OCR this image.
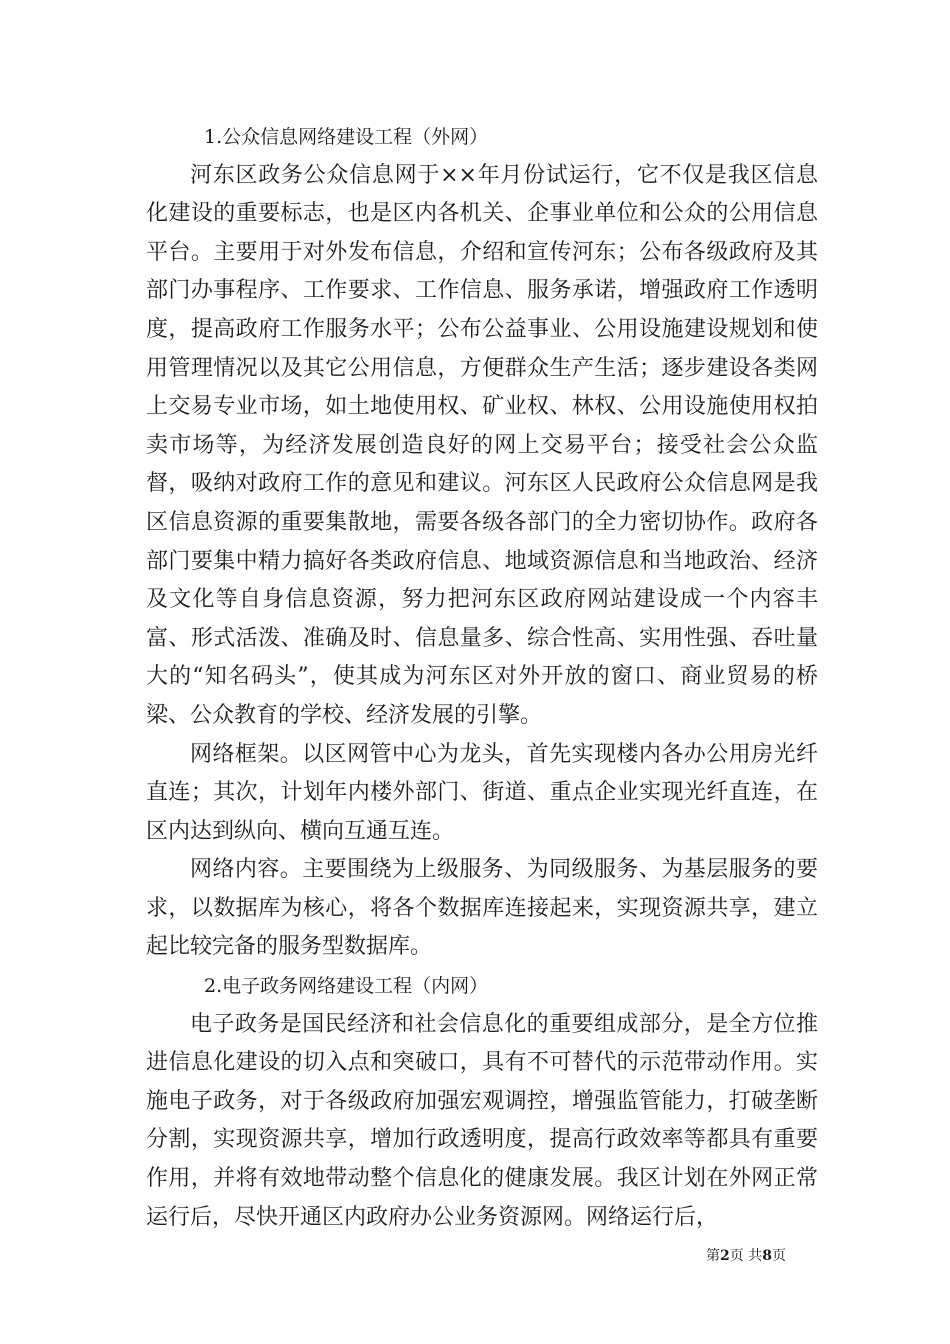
1.公众信息网络建设工程（外网）

河东区政务公众信息网于××年月份试运行，它不仅是我区信息化建设的重要标志，也是区内各机关、企事业单位和公众的公用信息平台。主要用于对外发布信息，介绍和宣传河东；公布各级政府及其部门办事程序、工作要求、工作信息、服务承诺，增强政府工作透明度，提高政府工作服务水平；公布公益事业、公用设施建设规划和使用管理情况以及其它公用信息，方便群众生产生活；逐步建设各类网上交易专业市场，如土地使用权、矿业权、林权、公用设施使用权拍卖市场等，为经济发展创造良好的网上交易平台；接受社会公众监督，吸纳对政府工作的意见和建议。河东区人民政府公众信息网是我区信息资源的重要集散地，需要各级各部门的全力密切协作。政府各部门要集中精力搞好各类政府信息、地域资源信息和当地政治、经济及文化等自身信息资源，努力把河东区政府网站建设成一个内容丰富、形式活泼、准确及时、信息量多、综合性高、实用性强、吞吐量大的“知名码头”，使其成为河东区对外开放的窗口、商业贸易的桥梁、公众教育的学校、经济发展的引擎。

网络框架。以区网管中心为龙头，首先实现楼内各办公用房光纤直连；其次，计划年内楼外部门、街道、重点企业实现光纤直连，在区内达到纵向、横向互通互连。

网络内容。主要围绕为上级服务、为同级服务、为基层服务的要求，以数据库为核心，将各个数据库连接起来，实现资源共享，建立起比较完备的服务型数据库。

2.电子政务网络建设工程（内网）

电子政务是国民经济和社会信息化的重要组成部分，是全方位推进信息化建设的切入点和突破口，具有不可替代的示范带动作用。实施电子政务，对于各级政府加强宏观调控，增强监管能力，打破垄断分割，实现资源共享，增加行政透明度，提高行政效率等都具有重要作用，并将有效地带动整个信息化的健康发展。我区计划在外网正常运行后，尽快开通区内政府办公业务资源网。网络运行后，

第2页 共8页
